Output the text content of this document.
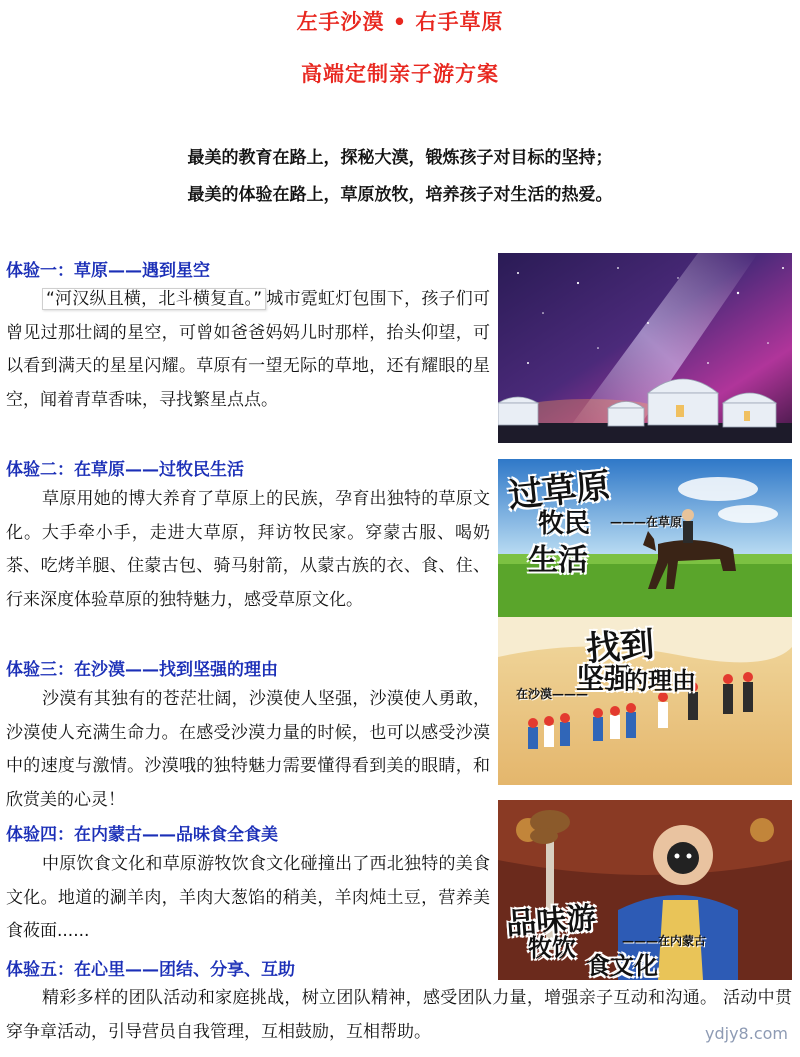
左手沙漠 • 右手草原
高端定制亲子游方案
最美的教育在路上，探秘大漠，锻炼孩子对目标的坚持；
最美的体验在路上，草原放牧，培养孩子对生活的热爱。
体验一：草原——遇到星空

“河汉纵且横，北斗横复直。” 城市霓虹灯包围下，孩子们可曾见过那壮阔的星空，可曾如爸爸妈妈儿时那样，抬头仰望，可以看到满天的星星闪耀。草原有一望无际的草地，还有耀眼的星空，闻着青草香味，寻找繁星点点。

体验二：在草原——过牧民生活

草原用她的博大养育了草原上的民族，孕育出独特的草原文化。大手牵小手，走进大草原，拜访牧民家。穿蒙古服、喝奶茶、吃烤羊腿、住蒙古包、骑马射箭，从蒙古族的衣、食、住、行来深度体验草原的独特魅力，感受草原文化。

体验三：在沙漠——找到坚强的理由

沙漠有其独有的苍茫壮阔，沙漠使人坚强，沙漠使人勇敢，沙漠使人充满生命力。在感受沙漠力量的时候，也可以感受沙漠中的速度与激情。沙漠哦的独特魅力需要懂得看到美的眼睛，和欣赏美的心灵！

体验四：在内蒙古——品味食全食美

中原饮食文化和草原游牧饮食文化碰撞出了西北独特的美食文化。地道的涮羊肉，羊肉大葱馅的稍美，羊肉炖土豆，营养美食莜面......

体验五：在心里——团结、分享、互助

精彩多样的团队活动和家庭挑战，树立团队精神，感受团队力量，增强亲子互动和沟通。 活动中贯穿争章活动，引导营员自我管理，互相鼓励，互相帮助。

过草原
牧民
生活
———在草原
找到
坚强
的理由
在沙漠———
品味游
牧饮
食文化
———在内蒙古
ydjy8.com
